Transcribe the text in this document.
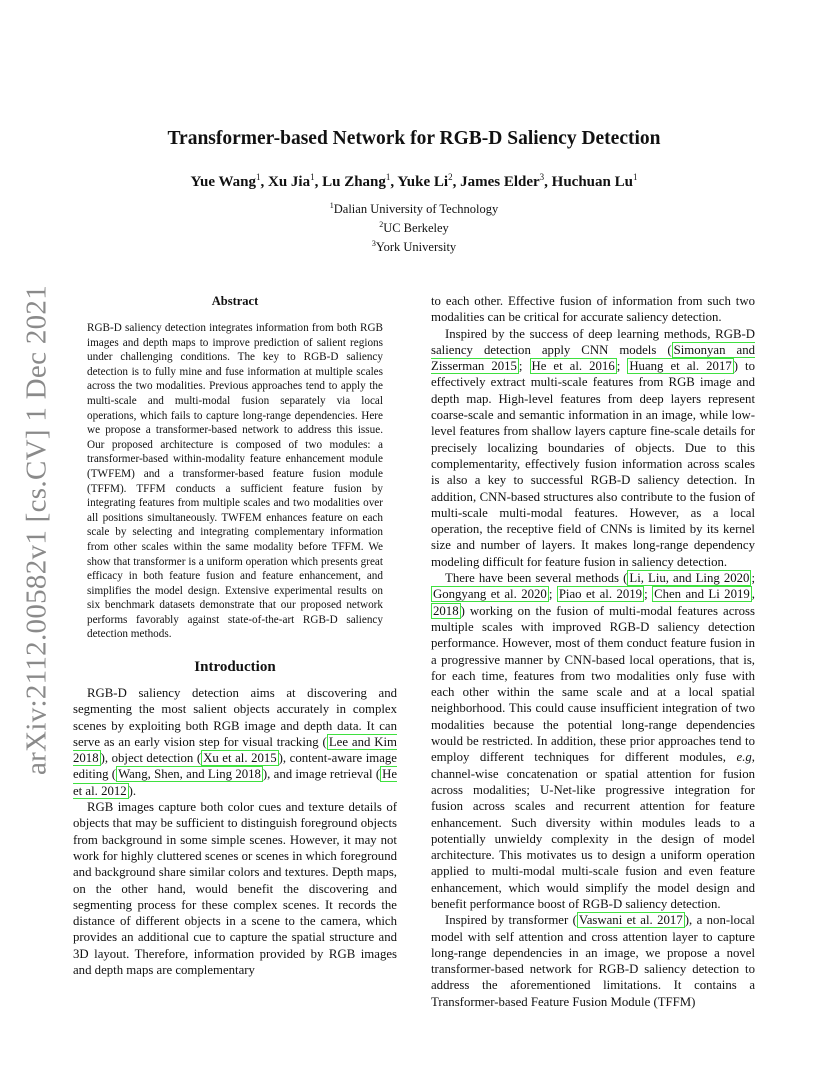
arXiv:2112.00582v1 [cs.CV] 1 Dec 2021
Transformer-based Network for RGB-D Saliency Detection
Yue Wang$^1$, Xu Jia$^1$, Lu Zhang$^1$, Yuke Li$^2$, James Elder$^3$, Huchuan Lu$^1$
$^1$Dalian University of Technology
$^2$UC Berkeley
$^3$York University
Abstract

RGB-D saliency detection integrates information from both RGB images and depth maps to improve prediction of salient regions under challenging conditions. The key to RGB-D saliency detection is to fully mine and fuse information at multiple scales across the two modalities. Previous approaches tend to apply the multi-scale and multi-modal fusion separately via local operations, which fails to capture long-range dependencies. Here we propose a transformer-based network to address this issue. Our proposed architecture is composed of two modules: a transformer-based within-modality feature enhancement module (TWFEM) and a transformer-based feature fusion module (TFFM). TFFM conducts a sufficient feature fusion by integrating features from multiple scales and two modalities over all positions simultaneously. TWFEM enhances feature on each scale by selecting and integrating complementary information from other scales within the same modality before TFFM. We show that transformer is a uniform operation which presents great efficacy in both feature fusion and feature enhancement, and simplifies the model design. Extensive experimental results on six benchmark datasets demonstrate that our proposed network performs favorably against state-of-the-art RGB-D saliency detection methods.

Introduction

RGB-D saliency detection aims at discovering and segmenting the most salient objects accurately in complex scenes by exploiting both RGB image and depth data. It can serve as an early vision step for visual tracking ( Lee and Kim 2018 ), object detection ( Xu et al. 2015 ), content-aware image editing ( Wang, Shen, and Ling 2018 ), and image retrieval ( He et al. 2012 ).

RGB images capture both color cues and texture details of objects that may be sufficient to distinguish foreground objects from background in some simple scenes. However, it may not work for highly cluttered scenes or scenes in which foreground and background share similar colors and textures. Depth maps, on the other hand, would benefit the discovering and segmenting process for these complex scenes. It records the distance of different objects in a scene to the camera, which provides an additional cue to capture the spatial structure and 3D layout. Therefore, information provided by RGB images and depth maps are complementary

to each other. Effective fusion of information from such two modalities can be critical for accurate saliency detection.

Inspired by the success of deep learning methods, RGB-D saliency detection apply CNN models ( Simonyan and Zisserman 2015 ; He et al. 2016 ; Huang et al. 2017 ) to effectively extract multi-scale features from RGB image and depth map. High-level features from deep layers represent coarse-scale and semantic information in an image, while low-level features from shallow layers capture fine-scale details for precisely localizing boundaries of objects. Due to this complementarity, effectively fusion information across scales is also a key to successful RGB-D saliency detection. In addition, CNN-based structures also contribute to the fusion of multi-scale multi-modal features. However, as a local operation, the receptive field of CNNs is limited by its kernel size and number of layers. It makes long-range dependency modeling difficult for feature fusion in saliency detection.

There have been several methods ( Li, Liu, and Ling 2020 ; Gongyang et al. 2020 ; Piao et al. 2019 ; Chen and Li 2019 , 2018 ) working on the fusion of multi-modal features across multiple scales with improved RGB-D saliency detection performance. However, most of them conduct feature fusion in a progressive manner by CNN-based local operations, that is, for each time, features from two modalities only fuse with each other within the same scale and at a local spatial neighborhood. This could cause insufficient integration of two modalities because the potential long-range dependencies would be restricted. In addition, these prior approaches tend to employ different techniques for different modules, e.g, channel-wise concatenation or spatial attention for fusion across modalities; U-Net-like progressive integration for fusion across scales and recurrent attention for feature enhancement. Such diversity within modules leads to a potentially unwieldy complexity in the design of model architecture. This motivates us to design a uniform operation applied to multi-modal multi-scale fusion and even feature enhancement, which would simplify the model design and benefit performance boost of RGB-D saliency detection.

Inspired by transformer ( Vaswani et al. 2017 ), a non-local model with self attention and cross attention layer to capture long-range dependencies in an image, we propose a novel transformer-based network for RGB-D saliency detection to address the aforementioned limitations. It contains a Transformer-based Feature Fusion Module (TFFM)
